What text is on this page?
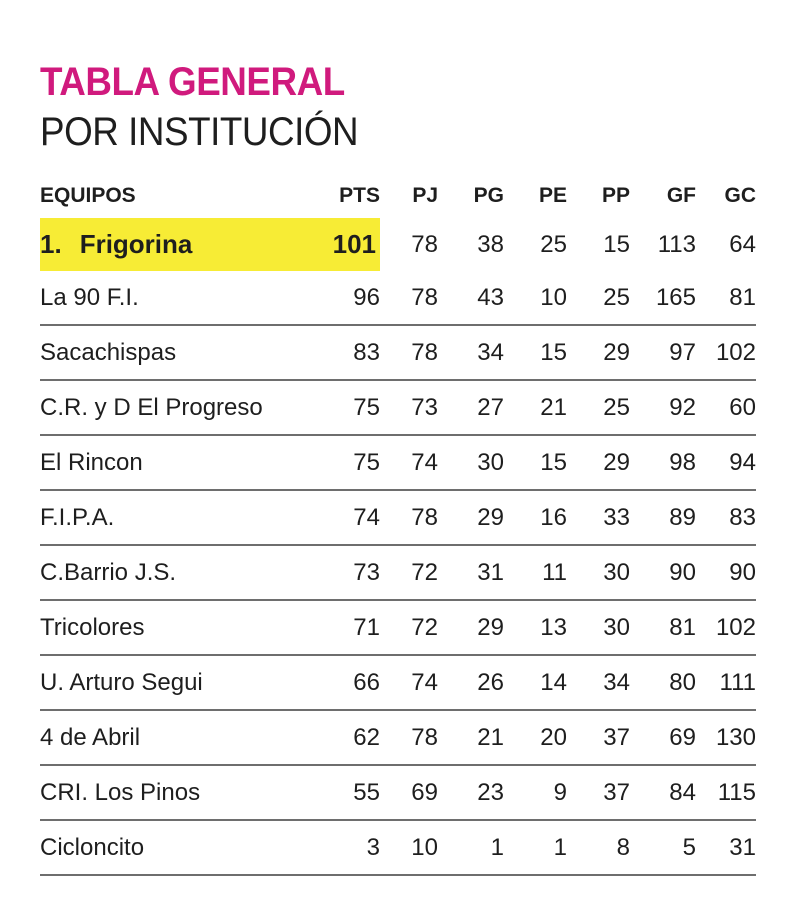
TABLA GENERAL
POR INSTITUCIÓN
EQUIPOS	PTS	PJ	PG	PE	PP	GF	GC
1. Frigorina	101	78	38	25	15	113	64
La 90 F.I.	96	78	43	10	25	165	81
Sacachispas	83	78	34	15	29	97	102
C.R. y D El Progreso	75	73	27	21	25	92	60
El Rincon	75	74	30	15	29	98	94
F.I.P.A.	74	78	29	16	33	89	83
C.Barrio J.S.	73	72	31	11	30	90	90
Tricolores	71	72	29	13	30	81	102
U. Arturo Segui	66	74	26	14	34	80	111
4 de Abril	62	78	21	20	37	69	130
CRI. Los Pinos	55	69	23	9	37	84	115
Cicloncito	3	10	1	1	8	5	31
